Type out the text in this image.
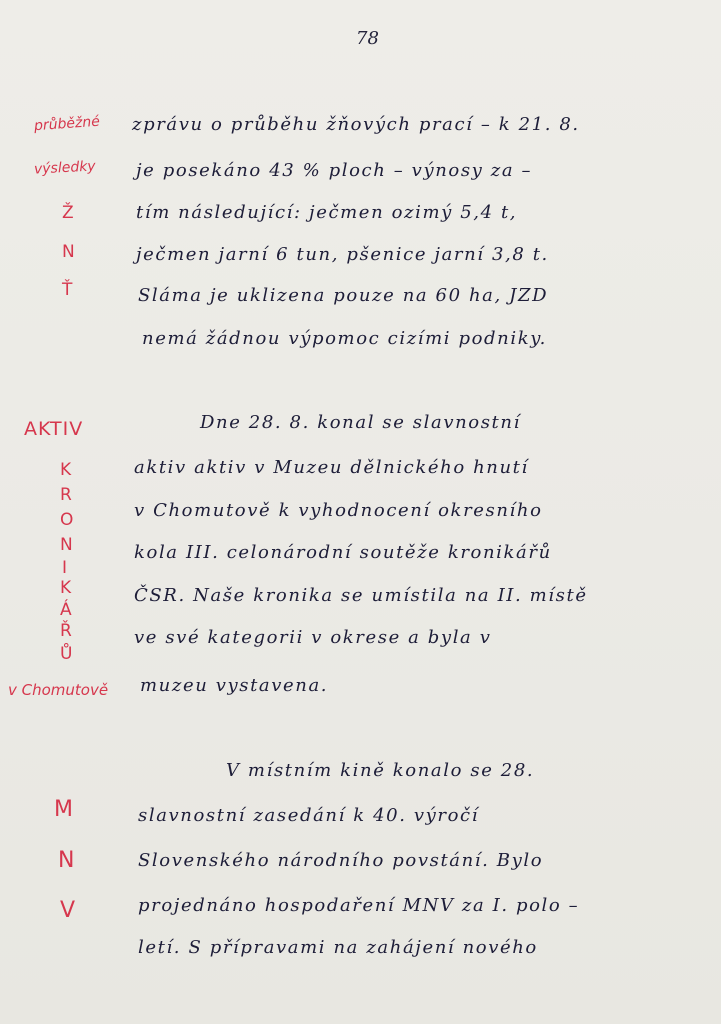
78
průběžné
výsledky
Ž
N
Ť
AKTIV
K
R
O
N
I
K
Á
Ř
Ů
v Chomutově
M
N
V
zprávu o průběhu žňových prací – k 21. 8.
je posekáno 43 % ploch – výnosy za –
tím následující: ječmen ozimý 5,4 t,
ječmen jarní 6 tun, pšenice jarní 3,8 t.
Sláma je uklizena pouze na 60 ha, JZD
nemá žádnou výpomoc cizími podniky.
Dne 28. 8. konal se slavnostní
aktiv aktiv v Muzeu dělnického hnutí
v Chomutově k vyhodnocení okresního
kola III. celonárodní soutěže kronikářů
ČSR. Naše kronika se umístila na II. místě
ve své kategorii v okrese a byla v
muzeu vystavena.
V místním kině konalo se 28.
slavnostní zasedání k 40. výročí
Slovenského národního povstání. Bylo
projednáno hospodaření MNV za I. polo –
letí. S přípravami na zahájení nového
